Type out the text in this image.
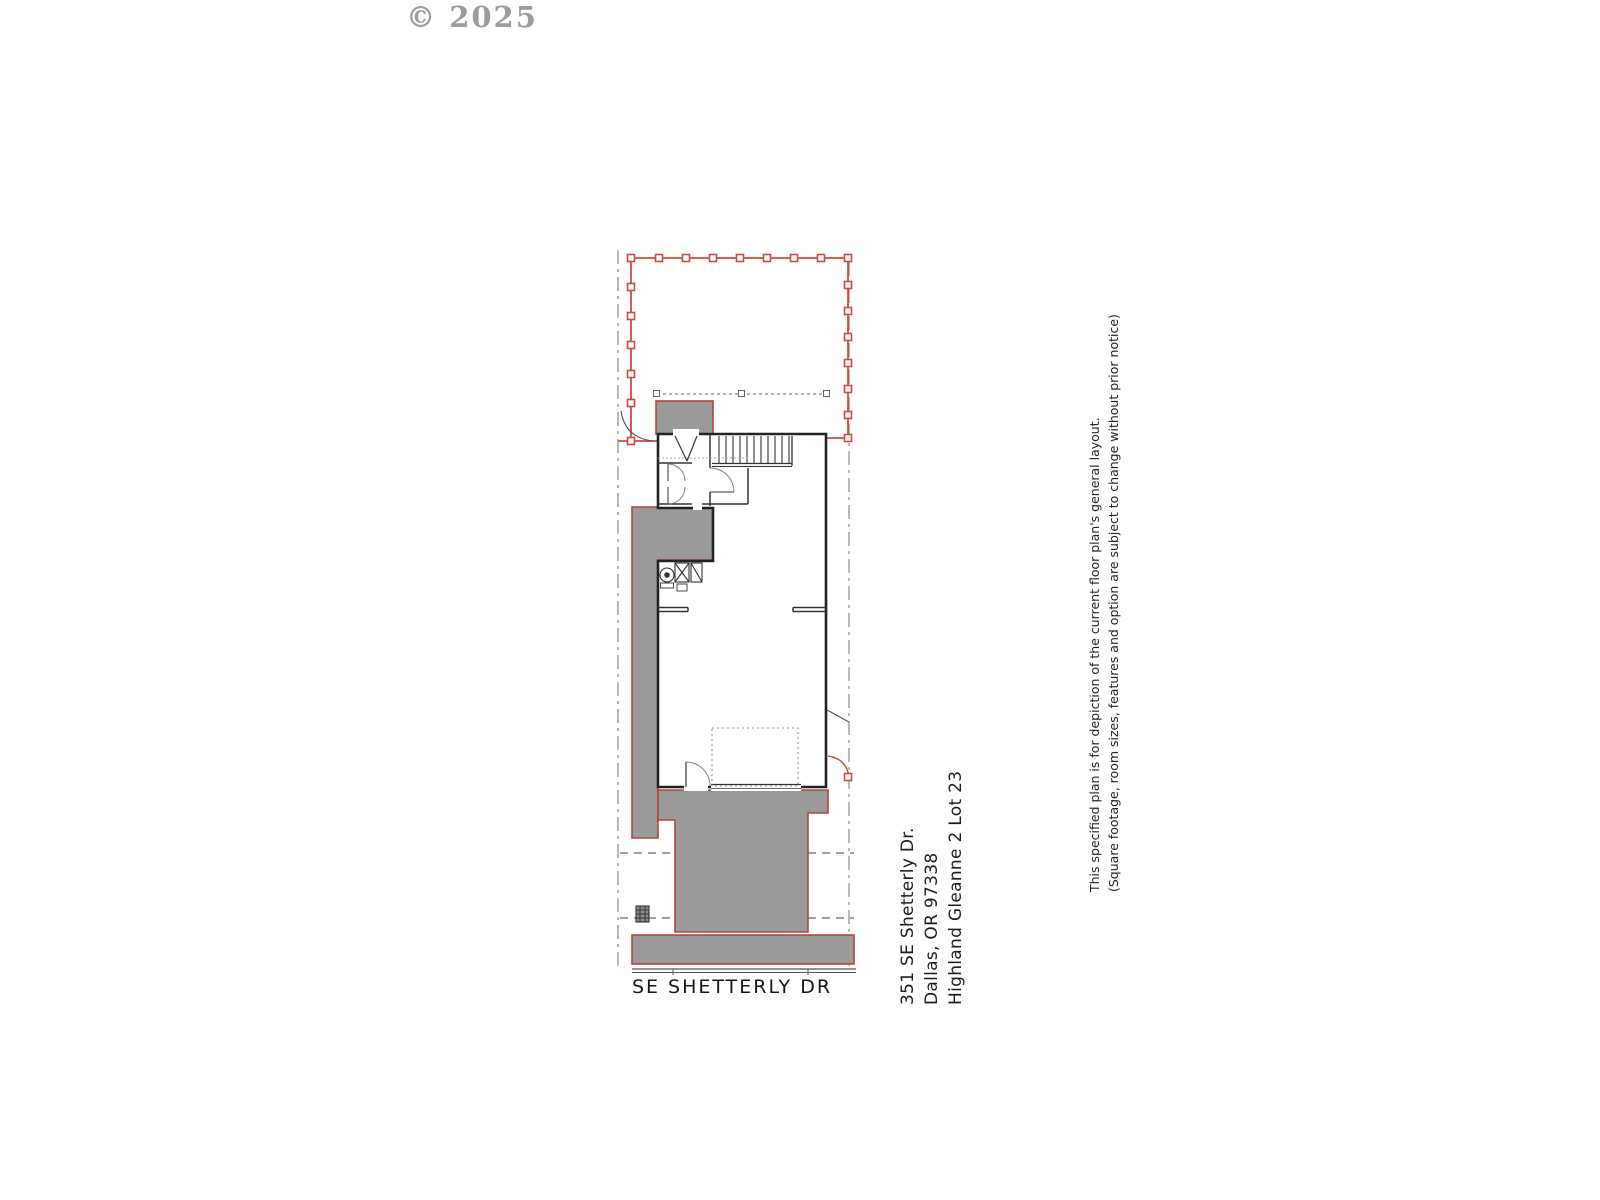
© 2025
SE SHETTERLY DR	351 SE Shetterly Dr. Dallas, OR 97338 Highland Gleanne 2 Lot 23	This specified plan is for depiction of the current floor plan's general layout. (Square footage, room sizes, features and option are subject to change without prior notice)
